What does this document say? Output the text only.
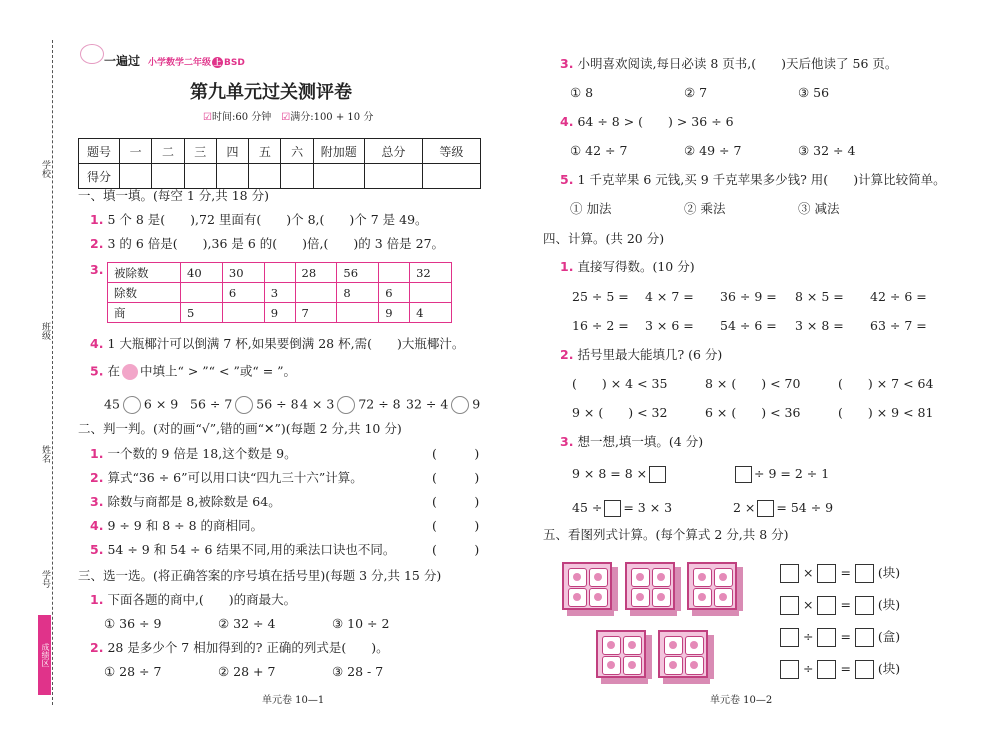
学校
班级
姓名
学号
成绩区
一遍过 小学数学二年级 上 BSD
第九单元过关测评卷
☑时间:60 分钟　 ☑满分:100 + 10 分
题号	一	二	三	四	五	六	附加题	总分	等级
得分									
一、填一填。(每空 1 分,共 18 分)
1. 5 个 8 是(　　),72 里面有(　　)个 8,(　　)个 7 是 49。
2. 3 的 6 倍是(　　),36 是 6 的(　　)倍,(　　)的 3 倍是 27。
3. 被除数	40	30		28	56		32
除数		6	3		8	6	
商	5		9	7		9	4
4. 1 大瓶椰汁可以倒满 7 杯,如果要倒满 28 杯,需(　　)大瓶椰汁。
5. 在 中填上“ > ”“ < ”或“ = ”。
45 6 × 9 56 ÷ 7 56 ÷ 8 4 × 3 72 ÷ 8 32 ÷ 4 9
二、判一判。(对的画“√”,错的画“✕”)(每题 2 分,共 10 分)
1. 一个数的 9 倍是 18,这个数是 9。
2. 算式“36 ÷ 6”可以用口诀“四九三十六”计算。
3. 除数与商都是 8,被除数是 64。
4. 9 ÷ 9 和 8 ÷ 8 的商相同。
5. 54 ÷ 9 和 54 ÷ 6 结果不同,用的乘法口诀也不同。
(　　　)
(　　　)
(　　　)
(　　　)
(　　　)
三、选一选。(将正确答案的序号填在括号里)(每题 3 分,共 15 分)
1. 下面各题的商中,(　　)的商最大。
① 36 ÷ 9	② 32 ÷ 4	③ 10 ÷ 2
2. 28 是多少个 7 相加得到的? 正确的列式是(　　)。
① 28 ÷ 7	② 28 + 7	③ 28 - 7
单元卷 10—1
3. 小明喜欢阅读,每日必读 8 页书,(　　)天后他读了 56 页。
① 8	② 7	③ 56
4. 64 ÷ 8 > (　　) > 36 ÷ 6
① 42 ÷ 7	② 49 ÷ 7	③ 32 ÷ 4
5. 1 千克苹果 6 元钱,买 9 千克苹果多少钱? 用(　　)计算比较简单。
① 加法	② 乘法	③ 减法
四、计算。(共 20 分)
1. 直接写得数。(10 分)
25 ÷ 5 = 4 × 7 = 36 ÷ 9 = 8 × 5 = 42 ÷ 6 =
16 ÷ 2 = 3 × 6 = 54 ÷ 6 = 3 × 8 = 63 ÷ 7 =
2. 括号里最大能填几? (6 分)
(　　) × 4 < 35	8 × (　　) < 70	(　　) × 7 < 64
9 × (　　) < 32	6 × (　　) < 36	(　　) × 9 < 81
3. 想一想,填一填。(4 分)
9 × 8 = 8 ×	÷ 9 = 2 ÷ 1
45 ÷ = 3 × 3	2 × = 54 ÷ 9
五、看图列式计算。(每个算式 2 分,共 8 分)
× = (块)
× = (块)
÷ = (盒)
÷ = (块)
单元卷 10—2
